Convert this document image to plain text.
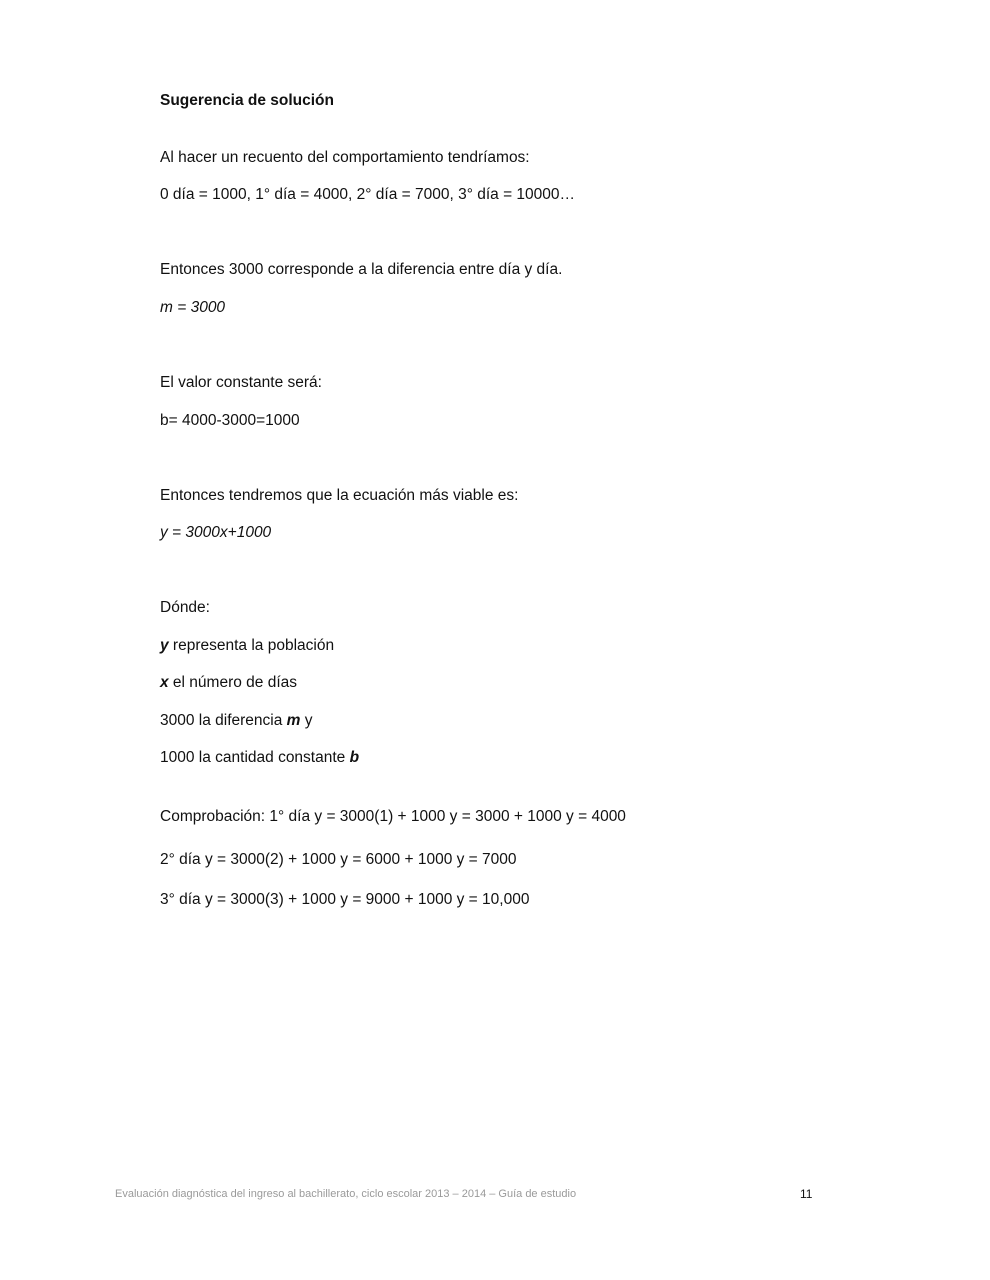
Sugerencia de solución
Al hacer un recuento del comportamiento tendríamos:
0 día = 1000, 1° día = 4000, 2° día = 7000, 3° día = 10000…
Entonces 3000 corresponde a la diferencia entre día y día.
m = 3000
El valor constante será:
b= 4000-3000=1000
Entonces tendremos que la ecuación más viable es:
y = 3000x+1000
Dónde:
y representa la población
x el número de días
3000 la diferencia m y
1000 la cantidad constante b
Comprobación: 1° día y = 3000(1) + 1000 y = 3000 + 1000 y = 4000
2° día y = 3000(2) + 1000 y = 6000 + 1000 y = 7000
3° día y = 3000(3) + 1000 y = 9000 + 1000 y = 10,000
Evaluación diagnóstica del ingreso al bachillerato, ciclo escolar 2013 – 2014 – Guía de estudio	11
